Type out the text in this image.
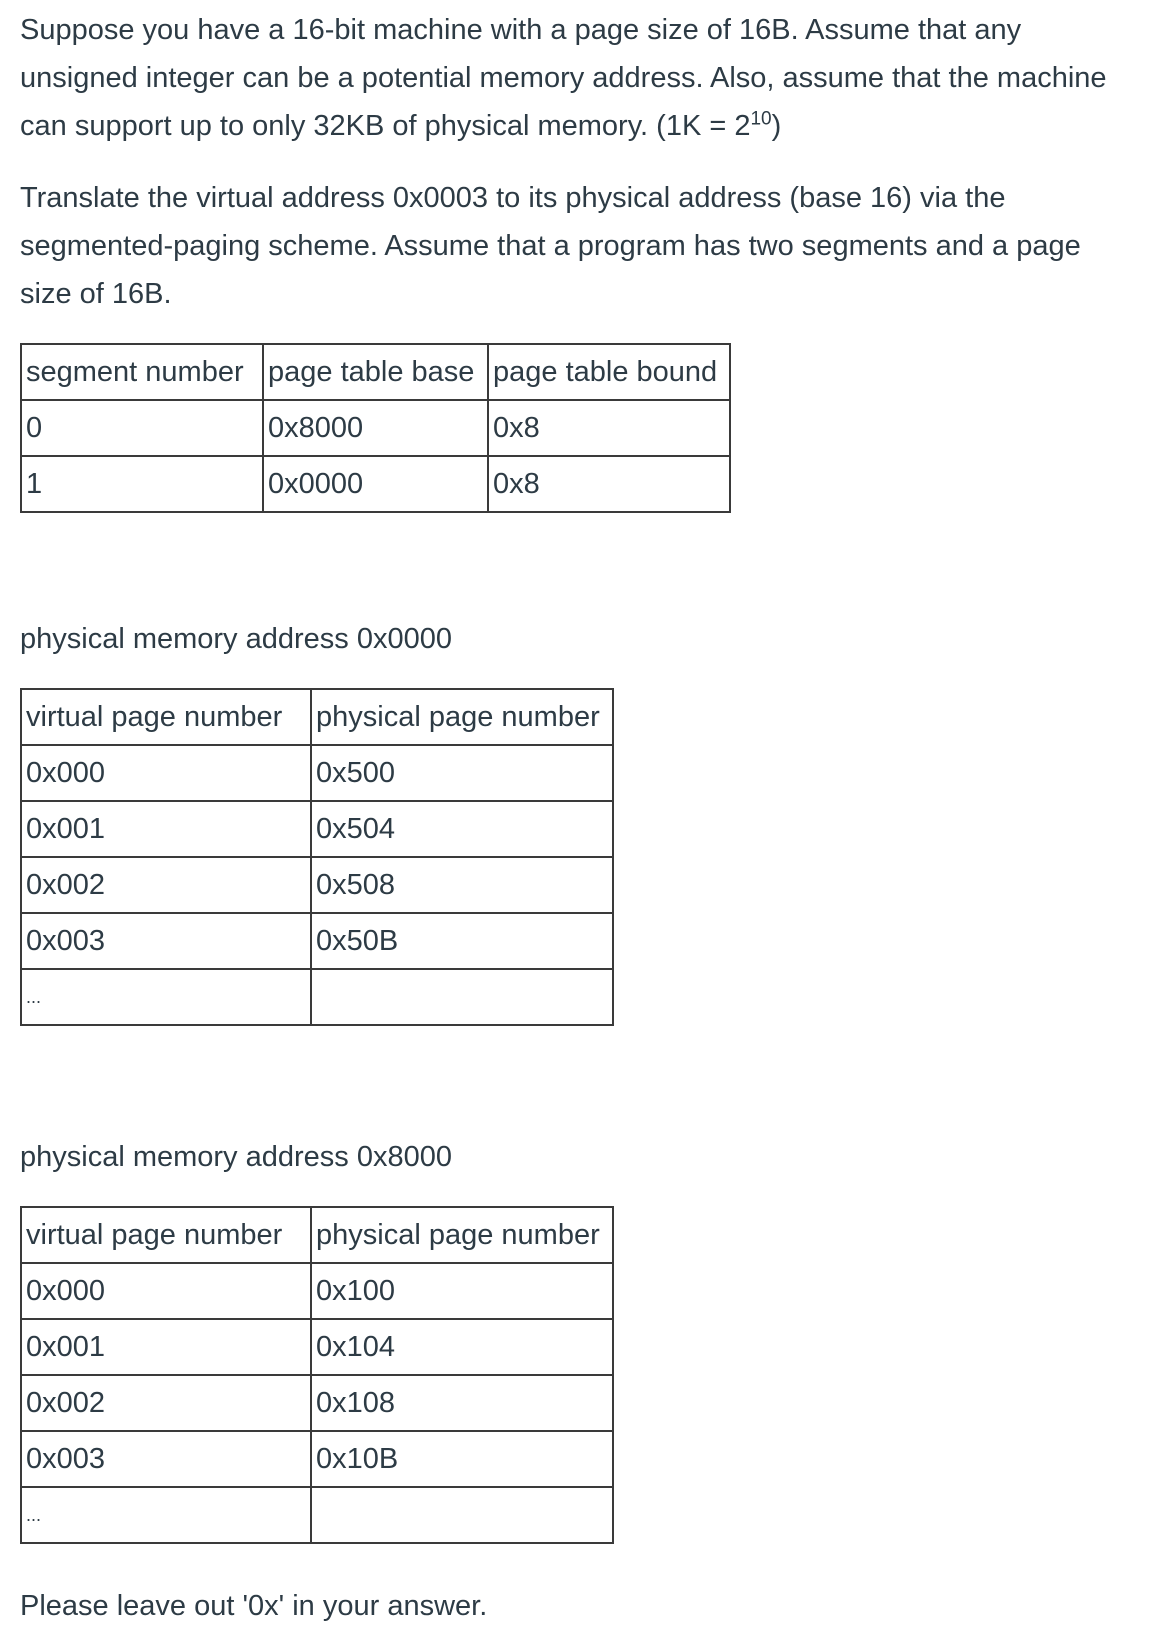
Suppose you have a 16-bit machine with a page size of 16B. Assume that any unsigned integer can be a potential memory address. Also, assume that the machine can support up to only 32KB of physical memory. $(1K = 2^{10})$

Translate the virtual address 0x0003 to its physical address (base 16) via the segmented-paging scheme. Assume that a program has two segments and a page size of 16B.

segment number	page table base	page table bound
0	0x8000	0x8
1	0x0000	0x8

physical memory address 0x0000

virtual page number	physical page number
0x000	0x500
0x001	0x504
0x002	0x508
0x003	0x50B
...	

physical memory address 0x8000

virtual page number	physical page number
0x000	0x100
0x001	0x104
0x002	0x108
0x003	0x10B
...	

Please leave out '0x' in your answer.
